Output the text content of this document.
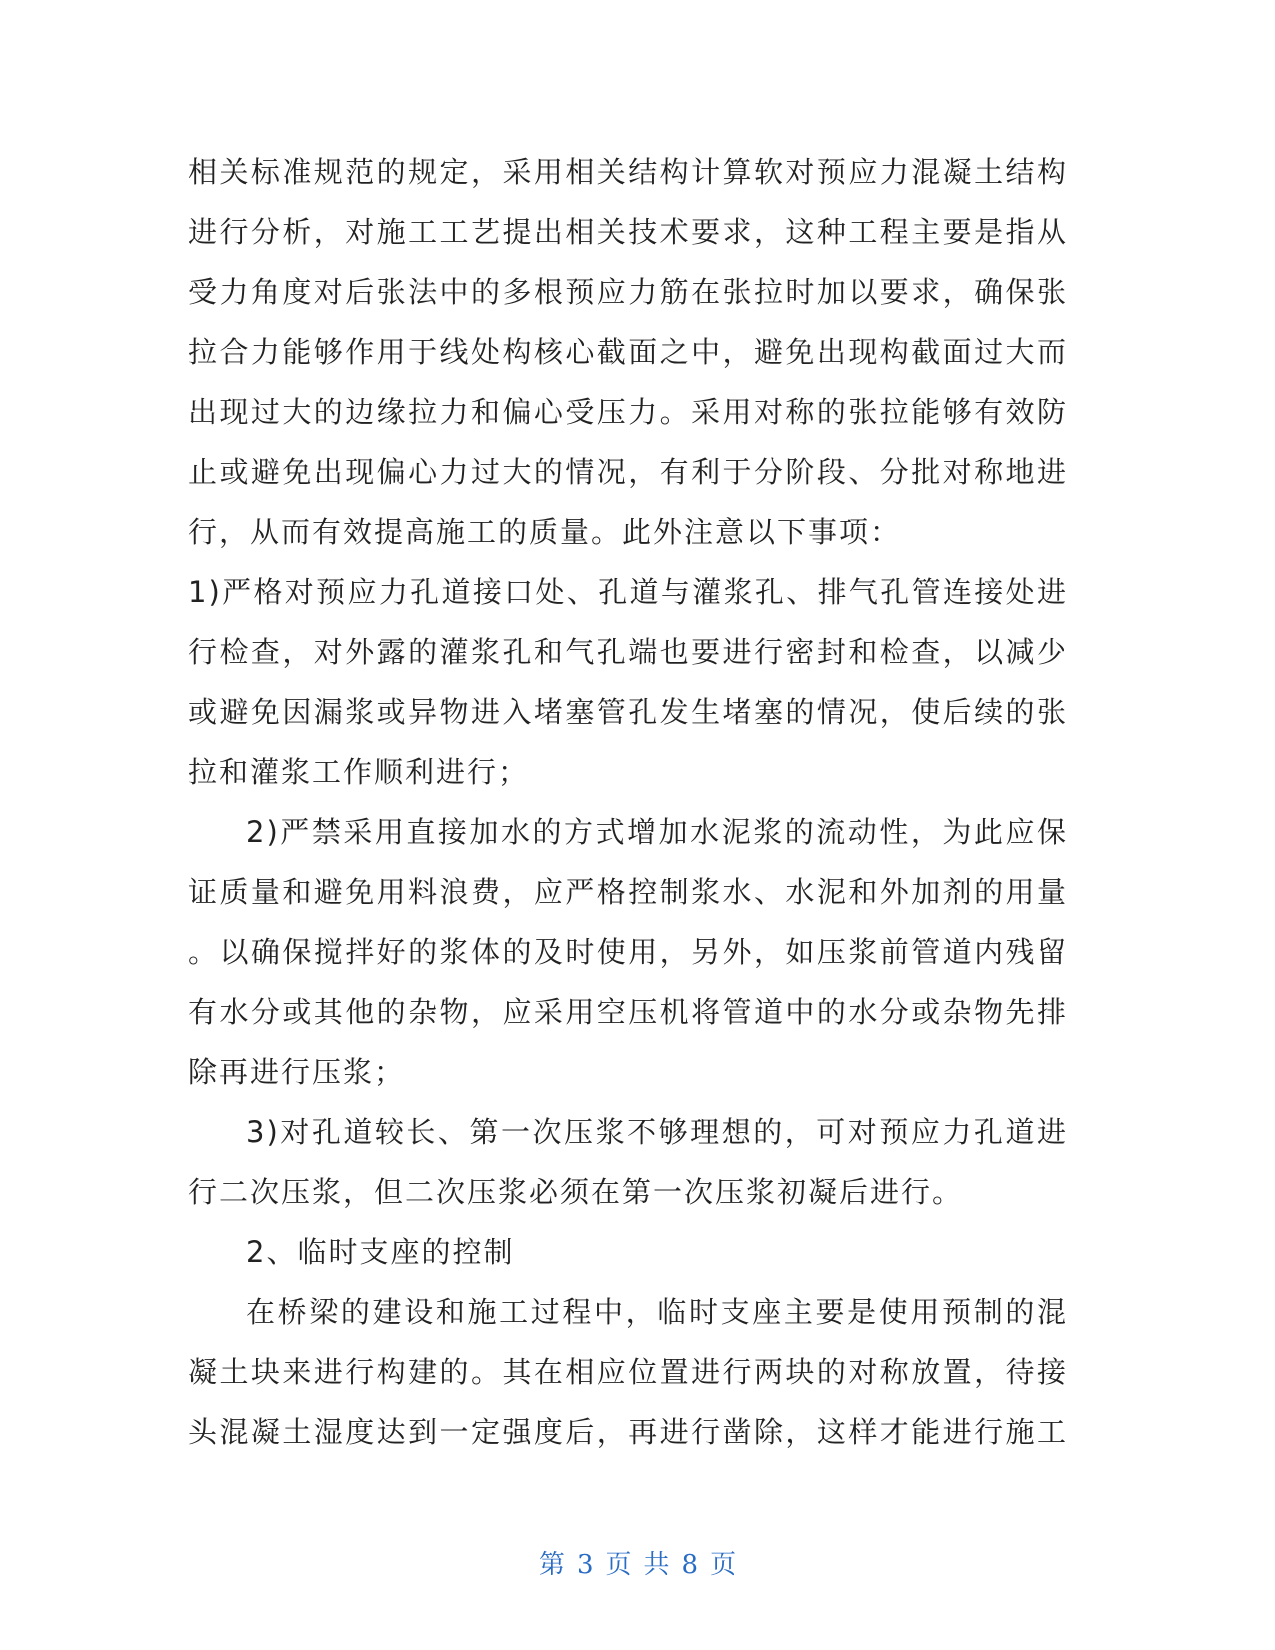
相关标准规范的规定，采用相关结构计算软对预应力混凝土结构
进行分析，对施工工艺提出相关技术要求，这种工程主要是指从
受力角度对后张法中的多根预应力筋在张拉时加以要求，确保张
拉合力能够作用于线处构核心截面之中，避免出现构截面过大而
出现过大的边缘拉力和偏心受压力。采用对称的张拉能够有效防
止或避免出现偏心力过大的情况，有利于分阶段、分批对称地进
行，从而有效提高施工的质量。此外注意以下事项：
1)严格对预应力孔道接口处、孔道与灌浆孔、排气孔管连接处进
行检查，对外露的灌浆孔和气孔端也要进行密封和检查，以减少
或避免因漏浆或异物进入堵塞管孔发生堵塞的情况，使后续的张
拉和灌浆工作顺利进行；
2)严禁采用直接加水的方式增加水泥浆的流动性，为此应保
证质量和避免用料浪费，应严格控制浆水、水泥和外加剂的用量
。以确保搅拌好的浆体的及时使用，另外，如压浆前管道内残留
有水分或其他的杂物，应采用空压机将管道中的水分或杂物先排
除再进行压浆；
3)对孔道较长、第一次压浆不够理想的，可对预应力孔道进
行二次压浆，但二次压浆必须在第一次压浆初凝后进行。
2、临时支座的控制
在桥梁的建设和施工过程中，临时支座主要是使用预制的混
凝土块来进行构建的。其在相应位置进行两块的对称放置，待接
头混凝土湿度达到一定强度后，再进行凿除，这样才能进行施工
第 3 页 共 8 页
